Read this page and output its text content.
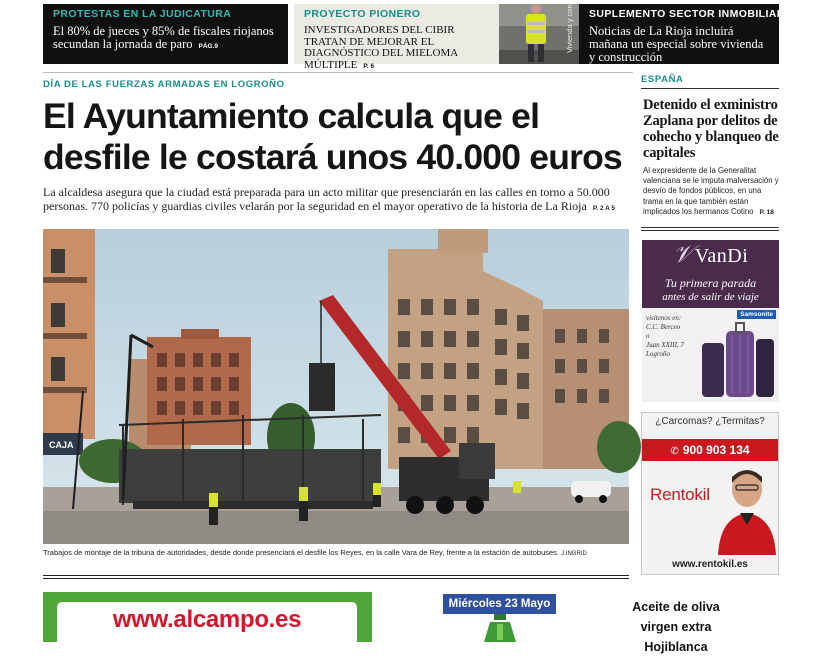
PROTESTAS EN LA JUDICATURA
El 80% de jueces y 85% de fiscales riojanos secundan la jornada de paro PÁG.9
PROYECTO PIONERO
INVESTIGADORES DEL CIBIR TRATAN DE MEJORAR EL DIAGNÓSTICO DEL MIELOMA MÚLTIPLE P. 6
Vivienda y con	SUPLEMENTO SECTOR INMOBILIARIO
Noticias de La Rioja incluirá mañana un especial sobre vivienda y construcción
DÍA DE LAS FUERZAS ARMADAS EN LOGROÑO
El Ayuntamiento calcula que el desfile le costará unos 40.000 euros

La alcaldesa asegura que la ciudad está preparada para un acto militar que presenciarán en las calles en torno a 50.000 personas. 770 policías y guardias civiles velarán por la seguridad en el mayor operativo de la historia de La Rioja P. 2 A 5

CAJA
Trabajos de montaje de la tribuna de autoridades, desde donde presenciará el desfile los Reyes, en la calle Vara de Rey, frente a la estación de autobuses. J.INGRID
ESPAÑA
Detenido el exministro Zaplana por delitos de cohecho y blanqueo de capitales

Al expresidente de la Generalitat valenciana se le imputa malversación y desvío de fondos públicos, en una trama en la que también están implicados los hermanos Cotino P. 18

𝒱 VanDi
Tu primera parada
antes de salir de viaje
visítenos en:
C.C. Berceo
o
Juan XXIII, 7
Logroño
Samsonite
¿Carcomas? ¿Termitas?
✆ 900 903 134
Rentokil
www.rentokil.es
www.alcampo.es
Miércoles 23 Mayo	Aceite de oliva
virgen extra Hojiblanca
